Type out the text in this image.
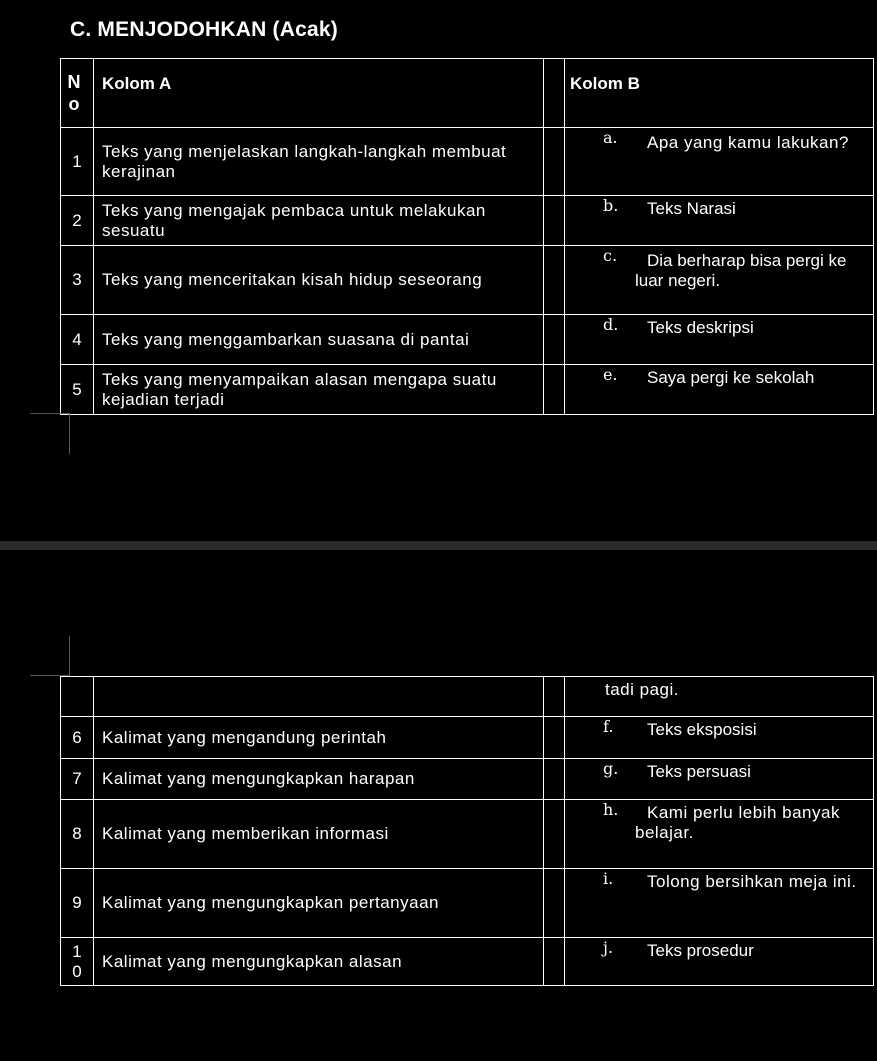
C. MENJODOHKAN (Acak)
No	Kolom A		Kolom B

1	Teks yang menjelaskan langkah-langkah membuat kerajinan		a. Apa yang kamu lakukan?

2	Teks yang mengajak pembaca untuk melakukan sesuatu		b. Teks Narasi

3	Teks yang menceritakan kisah hidup seseorang		c. Dia berharap bisa pergi ke luar negeri.

4	Teks yang menggambarkan suasana di pantai		d. Teks deskripsi

5	Teks yang menyampaikan alasan mengapa suatu kejadian terjadi		e. Saya pergi ke sekolah

			tadi pagi.

6	Kalimat yang mengandung perintah		f. Teks eksposisi

7	Kalimat yang mengungkapkan harapan		g. Teks persuasi

8	Kalimat yang memberikan informasi		h. Kami perlu lebih banyak belajar.

9	Kalimat yang mengungkapkan pertanyaan		i. Tolong bersihkan meja ini.

10	Kalimat yang mengungkapkan alasan		j. Teks prosedur
